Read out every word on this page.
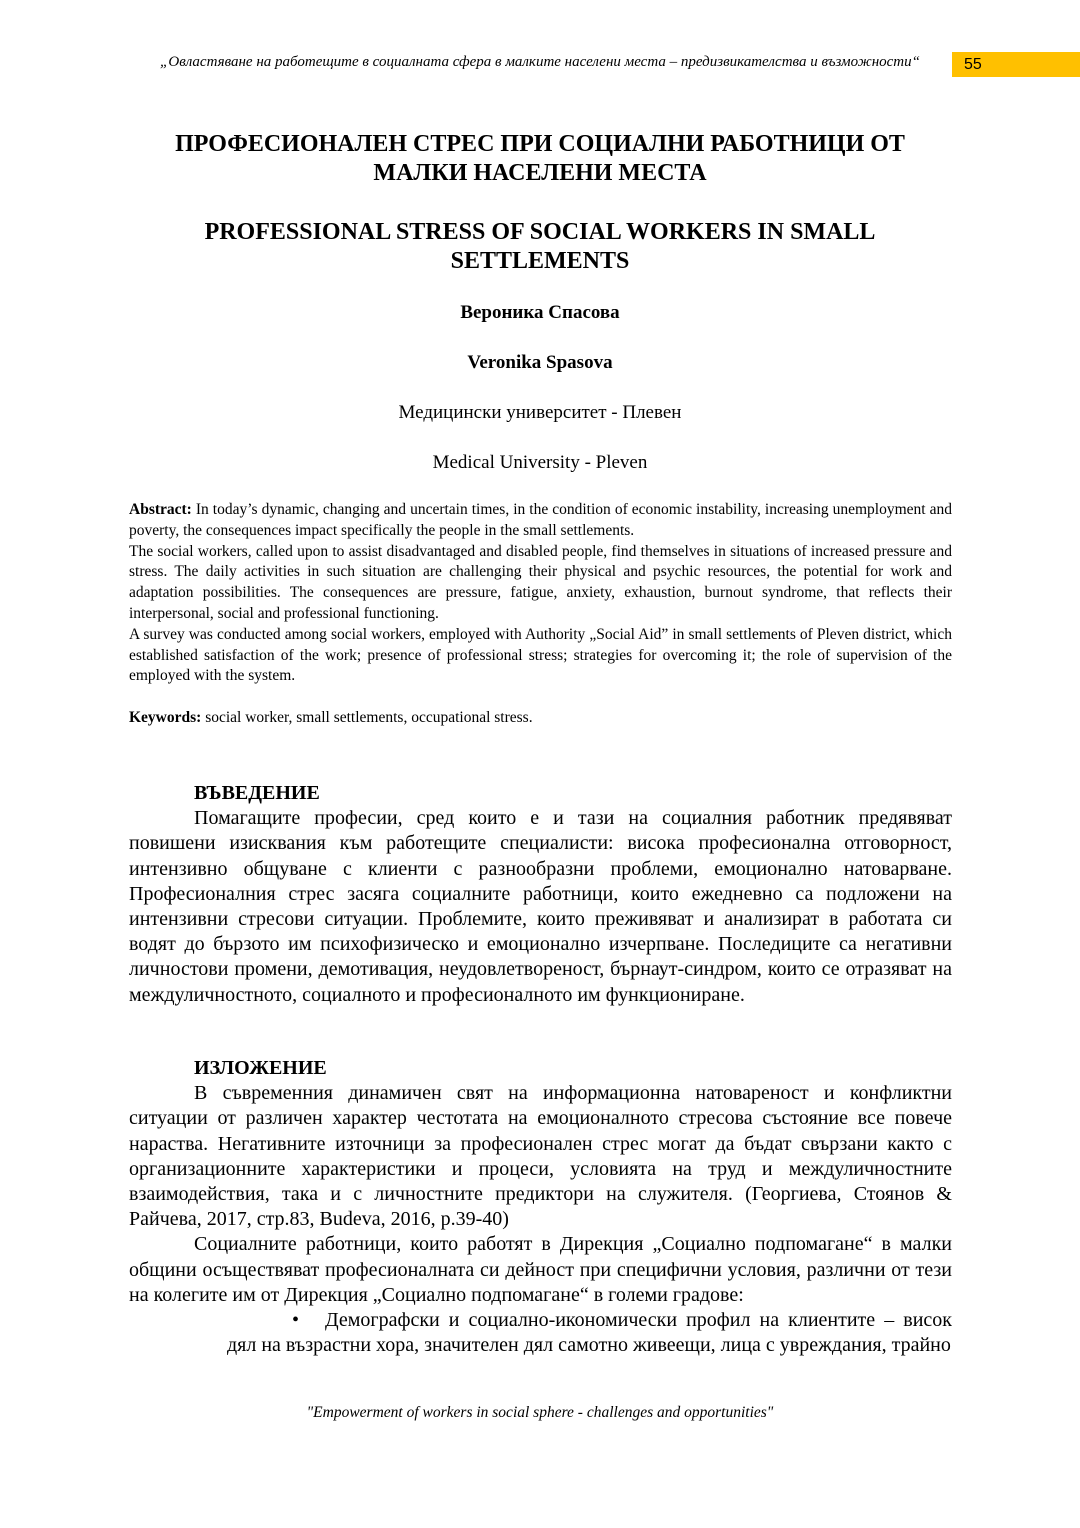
„Овластяване на работещите в социалната сфера в малките населени места – предизвикателства и възможности“	55
ПРОФЕСИОНАЛЕН СТРЕС ПРИ СОЦИАЛНИ РАБОТНИЦИ ОТ МАЛКИ НАСЕЛЕНИ МЕСТА
PROFESSIONAL STRESS OF SOCIAL WORKERS IN SMALL SETTLEMENTS

Вероника Спасова

Veronika Spasova

Медицински университет - Плевен

Medical University - Pleven

Abstract: In today’s dynamic, changing and uncertain times, in the condition of economic instability, increasing unemployment and poverty, the consequences impact specifically the people in the small settlements.

The social workers, called upon to assist disadvantaged and disabled people, find themselves in situations of increased pressure and stress. The daily activities in such situation are challenging their physical and psychic resources, the potential for work and adaptation possibilities. The consequences are pressure, fatigue, anxiety, exhaustion, burnout syndrome, that reflects their interpersonal, social and professional functioning.

A survey was conducted among social workers, employed with Authority „Social Aid” in small settlements of Pleven district, which established satisfaction of the work; presence of professional stress; strategies for overcoming it; the role of supervision of the employed with the system.

Keywords: social worker, small settlements, occupational stress.
ВЪВЕДЕНИЕ

Помагащите професии, сред които е и тази на социалния работник предявяват повишени изисквания към работещите специалисти: висока професионална отговорност, интензивно общуване с клиенти с разнообразни проблеми, емоционално натоварване. Професионалния стрес засяга социалните работници, които ежедневно са подложени на интензивни стресови ситуации. Проблемите, които преживяват и анализират в работата си водят до бързото им психофизическо и емоционално изчерпване. Последиците са негативни личностови промени, демотивация, неудовлетвореност, бърнаут-синдром, които се отразяват на междуличностното, социалното и професионалното им функциониране.

ИЗЛОЖЕНИЕ

В съвременния динамичен свят на информационна натовареност и конфликтни ситуации от различен характер честотата на емоционалното стресова състояние все повече нараства. Негативните източници за професионален стрес могат да бъдат свързани както с организационните характеристики и процеси, условията на труд и междуличностните взаимодействия, така и с личностните предиктори на служителя. (Георгиева, Стоянов & Райчева, 2017, стр.83, Budeva, 2016, p.39-40)

Социалните работници, които работят в Дирекция „Социално подпомагане“ в малки общини осъществяват професионалната си дейност при специфични условия, различни от тези на колегите им от Дирекция „Социално подпомагане“ в големи градове:

• Демографски и социално-икономически профил на клиентите – висок дял на възрастни хора, значителен дял самотно живеещи, лица с увреждания, трайно

"Empowerment of workers in social sphere - challenges and opportunities"
